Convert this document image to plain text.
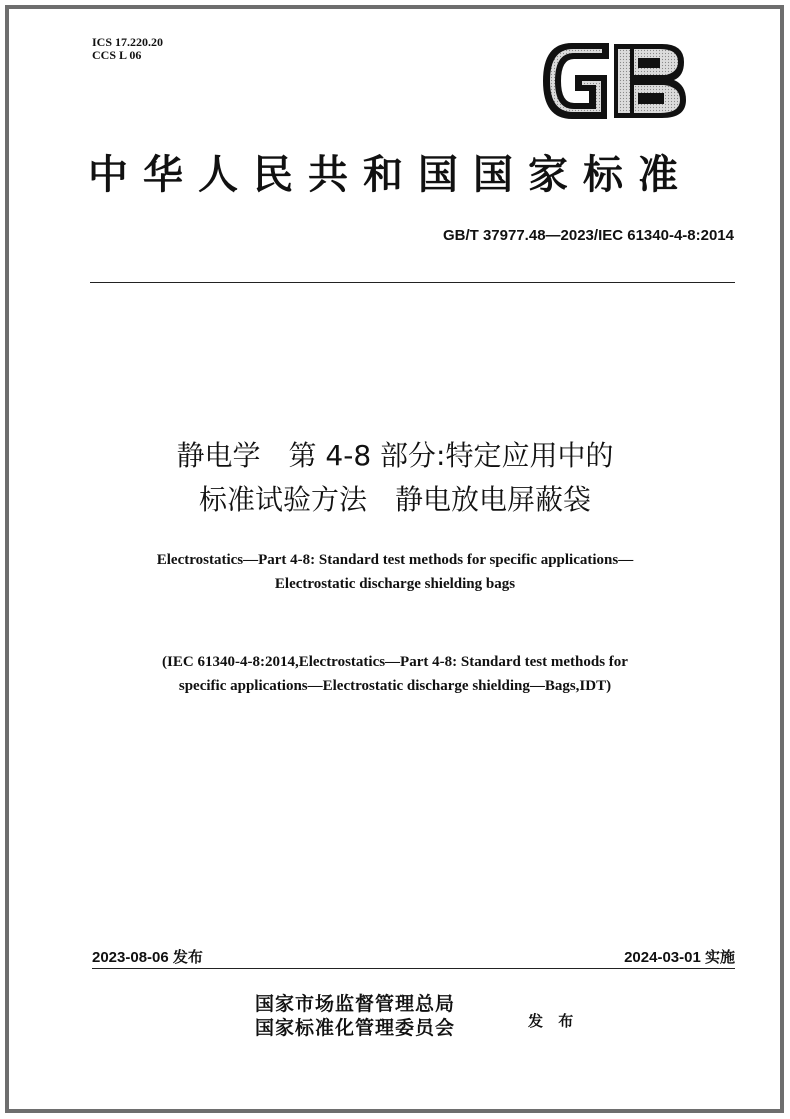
ICS 17.220.20
CCS L 06
中华人民共和国国家标准
GB/T 37977.48—2023/IEC 61340-4-8:2014
静电学　第 4-8 部分:特定应用中的
标准试验方法　静电放电屏蔽袋
Electrostatics—Part 4-8: Standard test methods for specific applications—
Electrostatic discharge shielding bags
(IEC 61340-4-8:2014,Electrostatics—Part 4-8: Standard test methods for
specific applications—Electrostatic discharge shielding—Bags,IDT)
2023-08-06 发布	2024-03-01 实施
国家市场监督管理总局
国家标准化管理委员会	发 布
